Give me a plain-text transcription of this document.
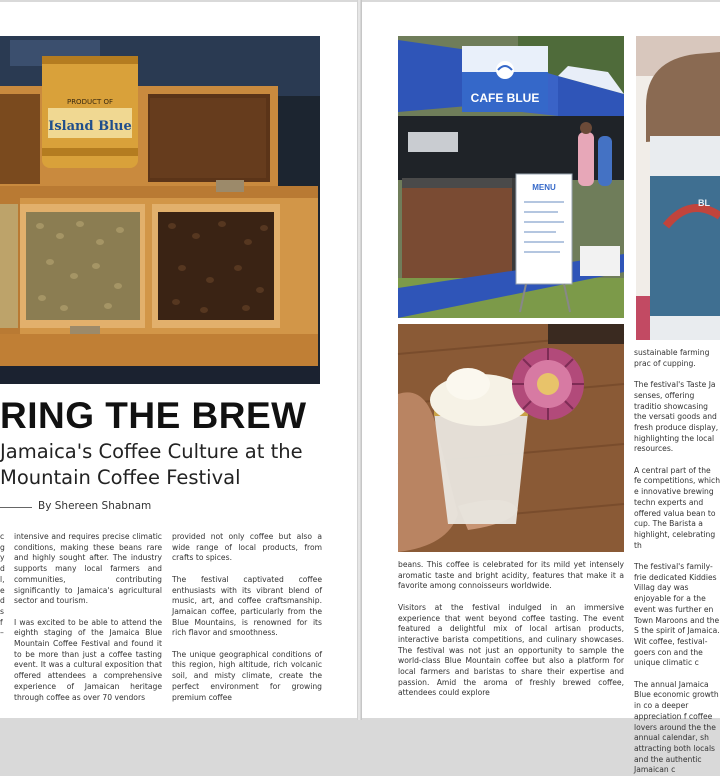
PRODUCT OF
Island Blue
RING THE BREW
Jamaica's Coffee Culture at the
Mountain Coffee Festival
By Shereen Shabnam
c
g
y
d
l,
e
d
s
f
–

intensive and requires precise climatic conditions, making these beans rare and highly sought after. The industry supports many local farmers and communities, contributing significantly to Jamaica's agricultural sector and tourism.

I was excited to be able to attend the eighth staging of the Jamaica Blue Mountain Coffee Festival and found it to be more than just a coffee tasting event. It was a cultural exposition that offered attendees a comprehensive experience of Jamaican heritage through coffee as over 70 vendors

provided not only coffee but also a wide range of local products, from crafts to spices.

The festival captivated coffee enthusiasts with its vibrant blend of music, art, and coffee craftsmanship. Jamaican coffee, particularly from the Blue Mountains, is renowned for its rich flavor and smoothness.

The unique geographical conditions of this region, high altitude, rich volcanic soil, and misty climate, create the perfect environment for growing premium coffee

CAFE BLUE
MENU
BL

beans. This coffee is celebrated for its mild yet intensely aromatic taste and bright acidity, features that make it a favorite among connoisseurs worldwide.

Visitors at the festival indulged in an immersive experience that went beyond coffee tasting. The event featured a delightful mix of local artisan products, interactive barista competitions, and culinary showcases. The festival was not just an opportunity to sample the world-class Blue Mountain coffee but also a platform for local farmers and baristas to share their expertise and passion. Amid the aroma of freshly brewed coffee, attendees could explore

sustainable farming prac of cupping.

The festival's Taste Ja senses, offering traditio showcasing the versati goods and fresh produce display, highlighting the local resources.

A central part of the fe competitions, which e innovative brewing techn experts and offered valua bean to cup. The Barista a highlight, celebrating th

The festival's family-frie dedicated Kiddies Villag day was enjoyable for a the event was further en Town Maroons and the S the spirit of Jamaica. Wit coffee, festival-goers con and the unique climatic c

The annual Jamaica Blue economic growth in co a deeper appreciation f coffee lovers around the the annual calendar, sh attracting both locals and the authentic Jamaican c
